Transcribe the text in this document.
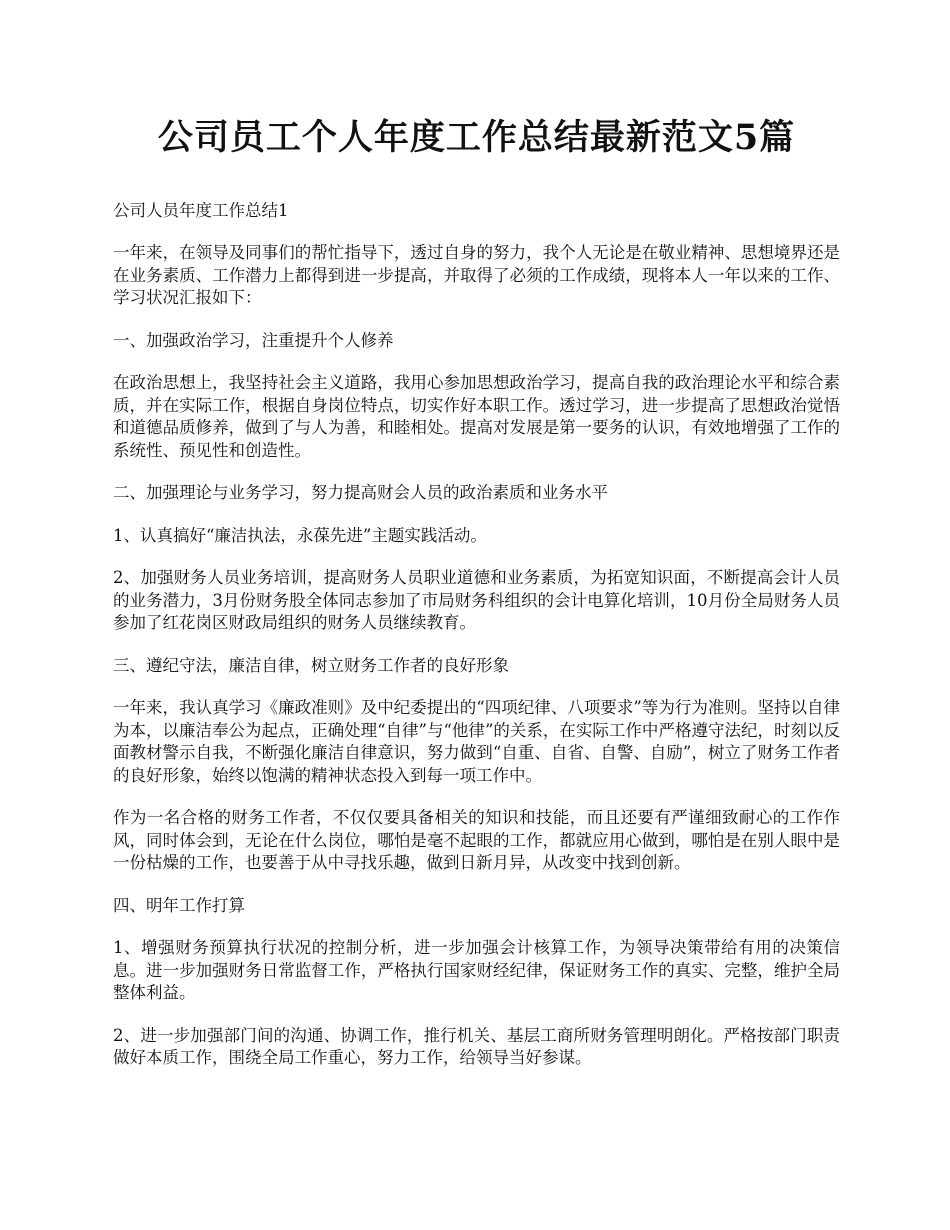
公司员工个人年度工作总结最新范文5篇

公司人员年度工作总结1

一年来，在领导及同事们的帮忙指导下，透过自身的努力，我个人无论是在敬业精神、思想境界还是在业务素质、工作潜力上都得到进一步提高，并取得了必须的工作成绩，现将本人一年以来的工作、学习状况汇报如下：

一、加强政治学习，注重提升个人修养

在政治思想上，我坚持社会主义道路，我用心参加思想政治学习，提高自我的政治理论水平和综合素质，并在实际工作，根据自身岗位特点，切实作好本职工作。透过学习，进一步提高了思想政治觉悟和道德品质修养，做到了与人为善，和睦相处。提高对发展是第一要务的认识，有效地增强了工作的系统性、预见性和创造性。

二、加强理论与业务学习，努力提高财会人员的政治素质和业务水平

1、认真搞好“廉洁执法，永葆先进”主题实践活动。

2、加强财务人员业务培训，提高财务人员职业道德和业务素质，为拓宽知识面，不断提高会计人员的业务潜力，3月份财务股全体同志参加了市局财务科组织的会计电算化培训，10月份全局财务人员参加了红花岗区财政局组织的财务人员继续教育。

三、遵纪守法，廉洁自律，树立财务工作者的良好形象

一年来，我认真学习《廉政准则》及中纪委提出的“四项纪律、八项要求”等为行为准则。坚持以自律为本，以廉洁奉公为起点，正确处理“自律”与“他律”的关系，在实际工作中严格遵守法纪，时刻以反面教材警示自我，不断强化廉洁自律意识，努力做到“自重、自省、自警、自励”，树立了财务工作者的良好形象，始终以饱满的精神状态投入到每一项工作中。

作为一名合格的财务工作者，不仅仅要具备相关的知识和技能，而且还要有严谨细致耐心的工作作风，同时体会到，无论在什么岗位，哪怕是毫不起眼的工作，都就应用心做到，哪怕是在别人眼中是一份枯燥的工作，也要善于从中寻找乐趣，做到日新月异，从改变中找到创新。

四、明年工作打算

1、增强财务预算执行状况的控制分析，进一步加强会计核算工作，为领导决策带给有用的决策信息。进一步加强财务日常监督工作，严格执行国家财经纪律，保证财务工作的真实、完整，维护全局整体利益。

2、进一步加强部门间的沟通、协调工作，推行机关、基层工商所财务管理明朗化。严格按部门职责做好本质工作，围绕全局工作重心，努力工作，给领导当好参谋。
